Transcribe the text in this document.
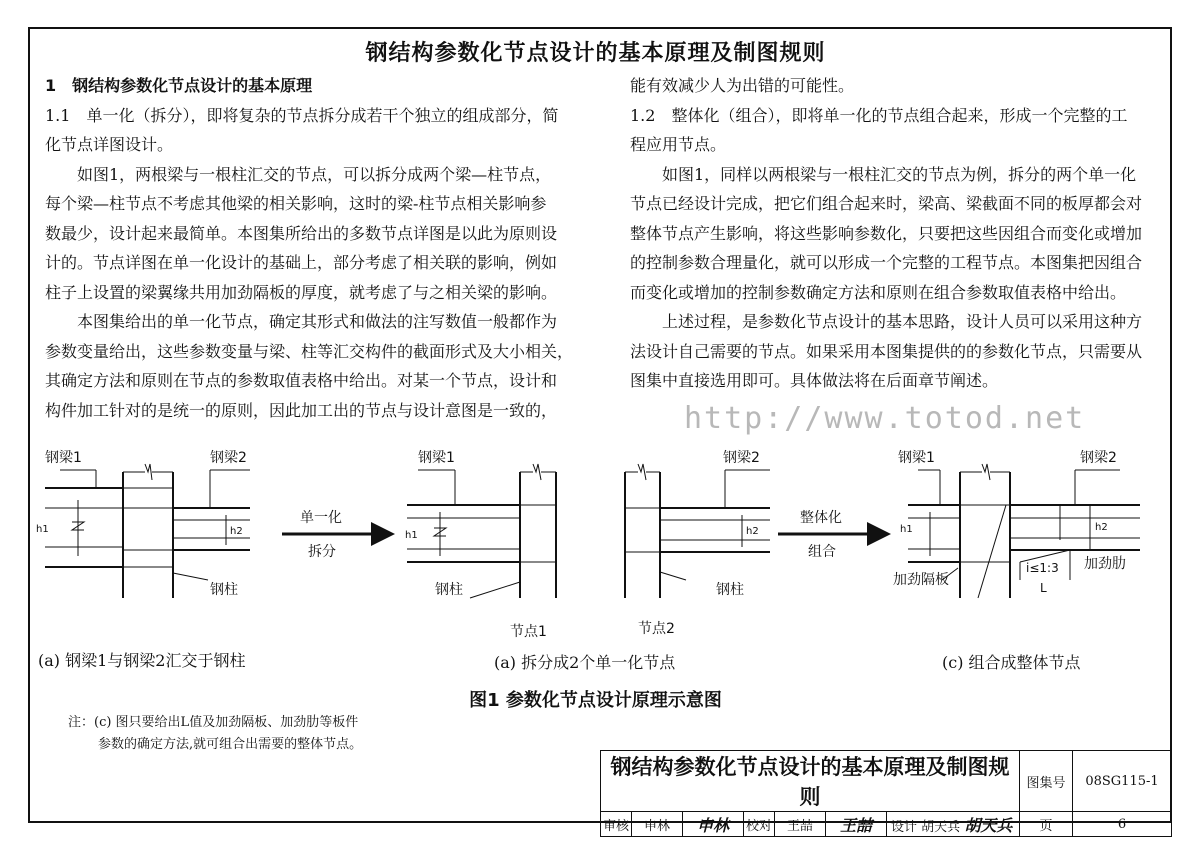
钢结构参数化节点设计的基本原理及制图规则

1　钢结构参数化节点设计的基本原理

1.1　单一化（拆分），即将复杂的节点拆分成若干个独立的组成部分，简

化节点详图设计。

如图1，两根梁与一根柱汇交的节点，可以拆分成两个梁—柱节点，

每个梁—柱节点不考虑其他梁的相关影响，这时的梁-柱节点相关影响参

数最少，设计起来最简单。本图集所给出的多数节点详图是以此为原则设

计的。节点详图在单一化设计的基础上，部分考虑了相关联的影响，例如

柱子上设置的梁翼缘共用加劲隔板的厚度，就考虑了与之相关梁的影响。

本图集给出的单一化节点，确定其形式和做法的注写数值一般都作为

参数变量给出，这些参数变量与梁、柱等汇交构件的截面形式及大小相关，

其确定方法和原则在节点的参数取值表格中给出。对某一个节点，设计和

构件加工针对的是统一的原则，因此加工出的节点与设计意图是一致的，

能有效减少人为出错的可能性。

1.2　整体化（组合），即将单一化的节点组合起来，形成一个完整的工

程应用节点。

如图1，同样以两根梁与一根柱汇交的节点为例，拆分的两个单一化

节点已经设计完成，把它们组合起来时，梁高、梁截面不同的板厚都会对

整体节点产生影响，将这些影响参数化，只要把这些因组合而变化或增加

的控制参数合理量化，就可以形成一个完整的工程节点。本图集把因组合

而变化或增加的控制参数确定方法和原则在组合参数取值表格中给出。

上述过程，是参数化节点设计的基本思路，设计人员可以采用这种方

法设计自己需要的节点。如果采用本图集提供的的参数化节点，只需要从

图集中直接选用即可。具体做法将在后面章节阐述。

http://www.totod.net
钢梁1	钢梁2
钢柱
h1	h2
单一化
拆分
钢梁1
钢柱
h1
节点1
钢梁2
钢柱
h2
节点2
整体化
组合
钢梁1	钢梁2
h1	h2
加劲隔板
加劲肋
i≤1:3
L
(a) 钢梁1与钢梁2汇交于钢柱	(a) 拆分成2个单一化节点	(c) 组合成整体节点
图1 参数化节点设计原理示意图

注：(c) 图只要给出L值及加劲隔板、加劲肋等板件

参数的确定方法,就可组合出需要的整体节点。

钢结构参数化节点设计的基本原理及制图规则							图集号	08SG115-1
审核	申林	申林	校对	王喆	王喆	设计 胡天兵 胡天兵	页	6
